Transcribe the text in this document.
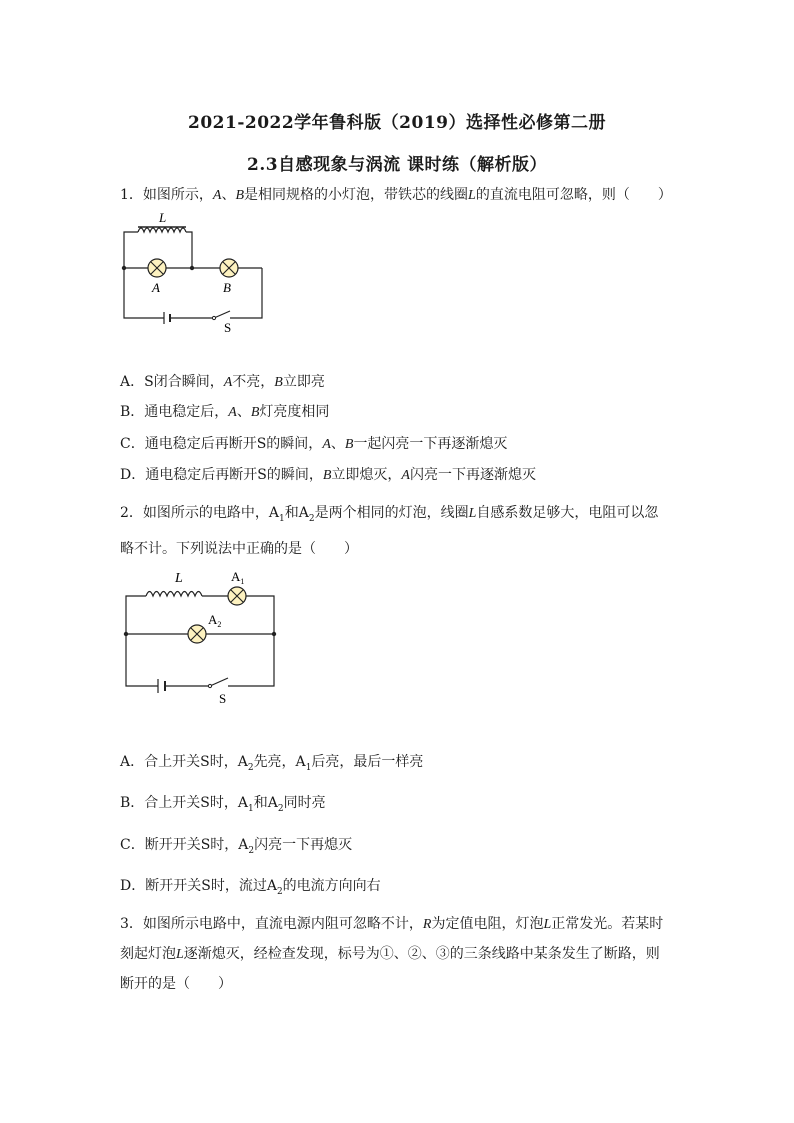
2021-2022学年鲁科版（2019）选择性必修第二册
2.3自感现象与涡流 课时练（解析版）
1．如图所示，A、B是相同规格的小灯泡，带铁芯的线圈L的直流电阻可忽略，则（　　）
L
A	B
S
A．S闭合瞬间，A不亮，B立即亮
B．通电稳定后，A、B灯亮度相同
C．通电稳定后再断开S的瞬间，A、B一起闪亮一下再逐渐熄灭
D．通电稳定后再断开S的瞬间，B立即熄灭，A闪亮一下再逐渐熄灭
2．如图所示的电路中，$A_1$和$A_2$是两个相同的灯泡，线圈L自感系数足够大，电阻可以忽
略不计。下列说法中正确的是（　　）
L	$A_1$
$A_2$
S
A．合上开关S时，$A_2$先亮，$A_1$后亮，最后一样亮
B．合上开关S时，$A_1$和$A_2$同时亮
C．断开开关S时，$A_2$闪亮一下再熄灭
D．断开开关S时，流过$A_2$的电流方向向右
3．如图所示电路中，直流电源内阻可忽略不计，R为定值电阻，灯泡L正常发光。若某时
刻起灯泡L逐渐熄灭，经检查发现，标号为①、②、③的三条线路中某条发生了断路，则
断开的是（　　）
